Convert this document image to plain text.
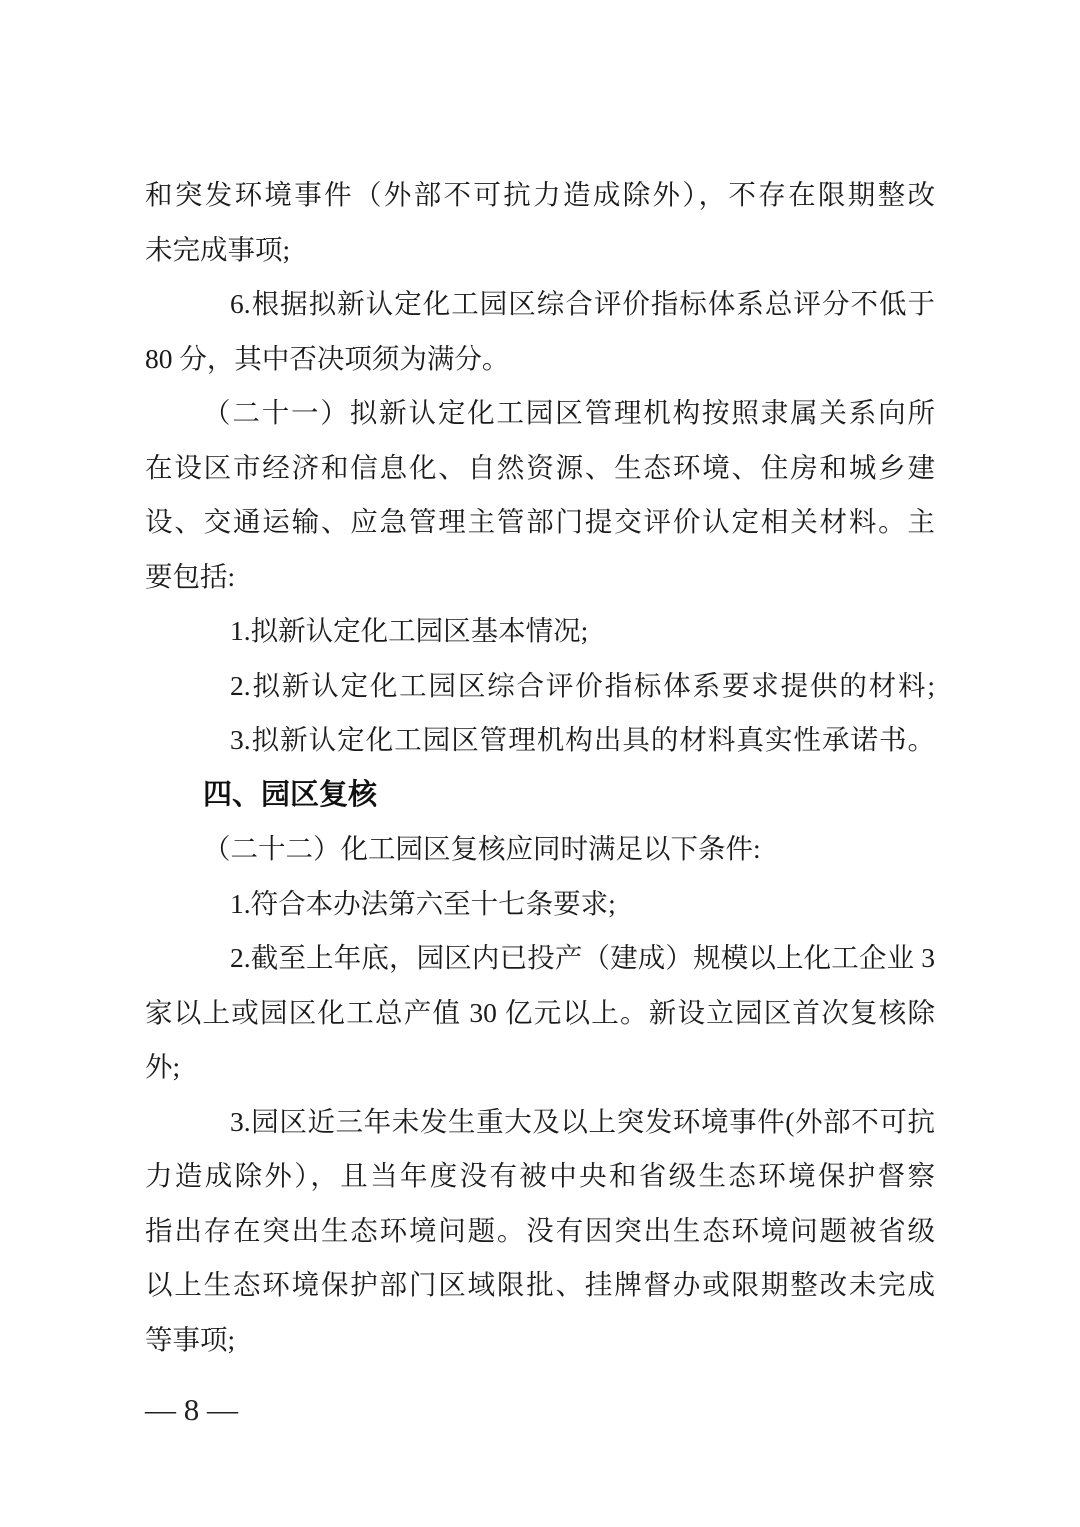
和突发环境事件（外部不可抗力造成除外），不存在限期整改
未完成事项;
6.根据拟新认定化工园区综合评价指标体系总评分不低于
80 分，其中否决项须为满分。
（二十一）拟新认定化工园区管理机构按照隶属关系向所
在设区市经济和信息化、自然资源、生态环境、住房和城乡建
设、交通运输、应急管理主管部门提交评价认定相关材料。主
要包括:
1.拟新认定化工园区基本情况;
2.拟新认定化工园区综合评价指标体系要求提供的材料;
3.拟新认定化工园区管理机构出具的材料真实性承诺书。
四、园区复核
（二十二）化工园区复核应同时满足以下条件:
1.符合本办法第六至十七条要求;
2.截至上年底，园区内已投产（建成）规模以上化工企业 3
家以上或园区化工总产值 30 亿元以上。新设立园区首次复核除
外;
3.园区近三年未发生重大及以上突发环境事件(外部不可抗
力造成除外），且当年度没有被中央和省级生态环境保护督察
指出存在突出生态环境问题。没有因突出生态环境问题被省级
以上生态环境保护部门区域限批、挂牌督办或限期整改未完成
等事项;
— 8 —
